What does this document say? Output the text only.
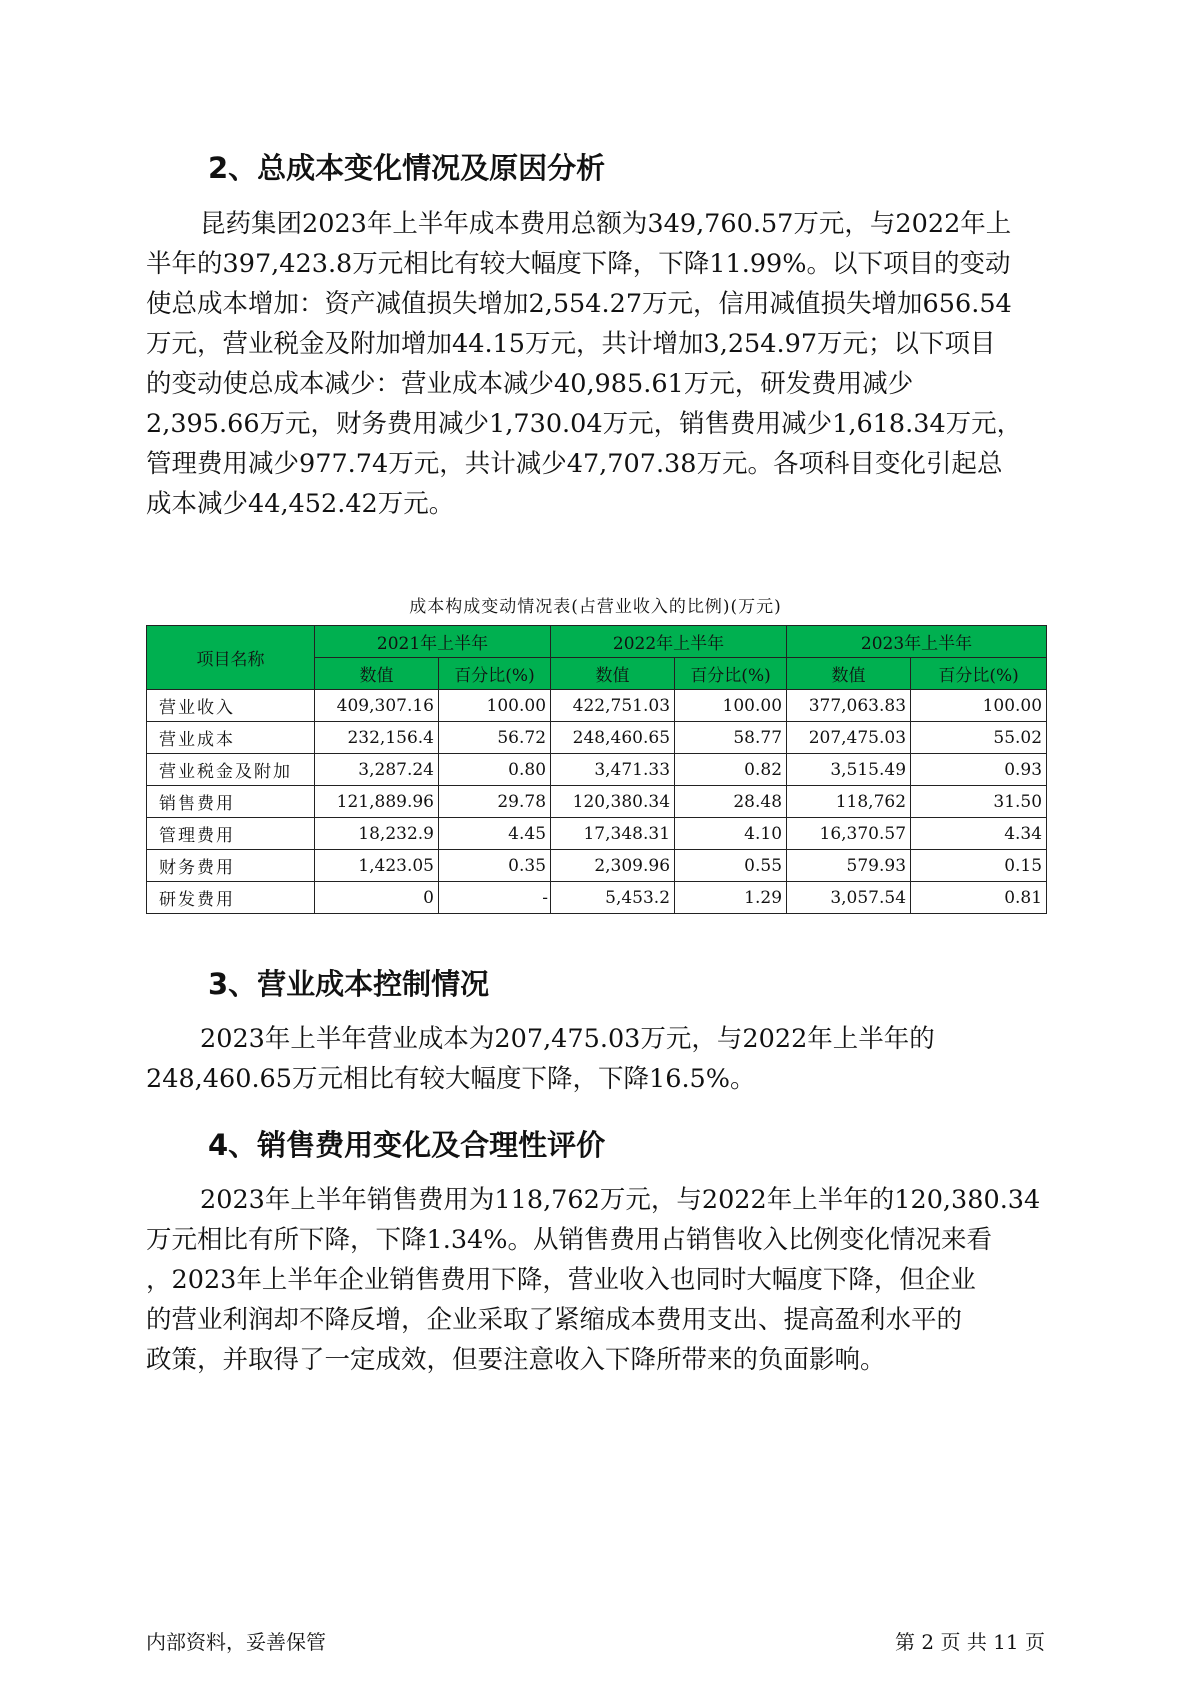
2、总成本变化情况及原因分析

昆药集团2023年上半年成本费用总额为349,760.57万元，与2022年上
半年的397,423.8万元相比有较大幅度下降，下降11.99%。以下项目的变动
使总成本增加：资产减值损失增加2,554.27万元，信用减值损失增加656.54
万元，营业税金及附加增加44.15万元，共计增加3,254.97万元；以下项目
的变动使总成本减少：营业成本减少40,985.61万元，研发费用减少
2,395.66万元，财务费用减少1,730.04万元，销售费用减少1,618.34万元，
管理费用减少977.74万元，共计减少47,707.38万元。各项科目变化引起总
成本减少44,452.42万元。

成本构成变动情况表(占营业收入的比例)(万元)

项目名称	2021年上半年		2022年上半年		2023年上半年	
	数值	百分比(%)	数值	百分比(%)	数值	百分比(%)
营业收入	409,307.16	100.00	422,751.03	100.00	377,063.83	100.00
营业成本	232,156.4	56.72	248,460.65	58.77	207,475.03	55.02
营业税金及附加	3,287.24	0.80	3,471.33	0.82	3,515.49	0.93
销售费用	121,889.96	29.78	120,380.34	28.48	118,762	31.50
管理费用	18,232.9	4.45	17,348.31	4.10	16,370.57	4.34
财务费用	1,423.05	0.35	2,309.96	0.55	579.93	0.15
研发费用	0	-	5,453.2	1.29	3,057.54	0.81
3、营业成本控制情况

2023年上半年营业成本为207,475.03万元，与2022年上半年的
248,460.65万元相比有较大幅度下降，下降16.5%。

4、销售费用变化及合理性评价

2023年上半年销售费用为118,762万元，与2022年上半年的120,380.34
万元相比有所下降，下降1.34%。从销售费用占销售收入比例变化情况来看
，2023年上半年企业销售费用下降，营业收入也同时大幅度下降，但企业
的营业利润却不降反增，企业采取了紧缩成本费用支出、提高盈利水平的
政策，并取得了一定成效，但要注意收入下降所带来的负面影响。

内部资料，妥善保管	第 2 页 共 11 页
